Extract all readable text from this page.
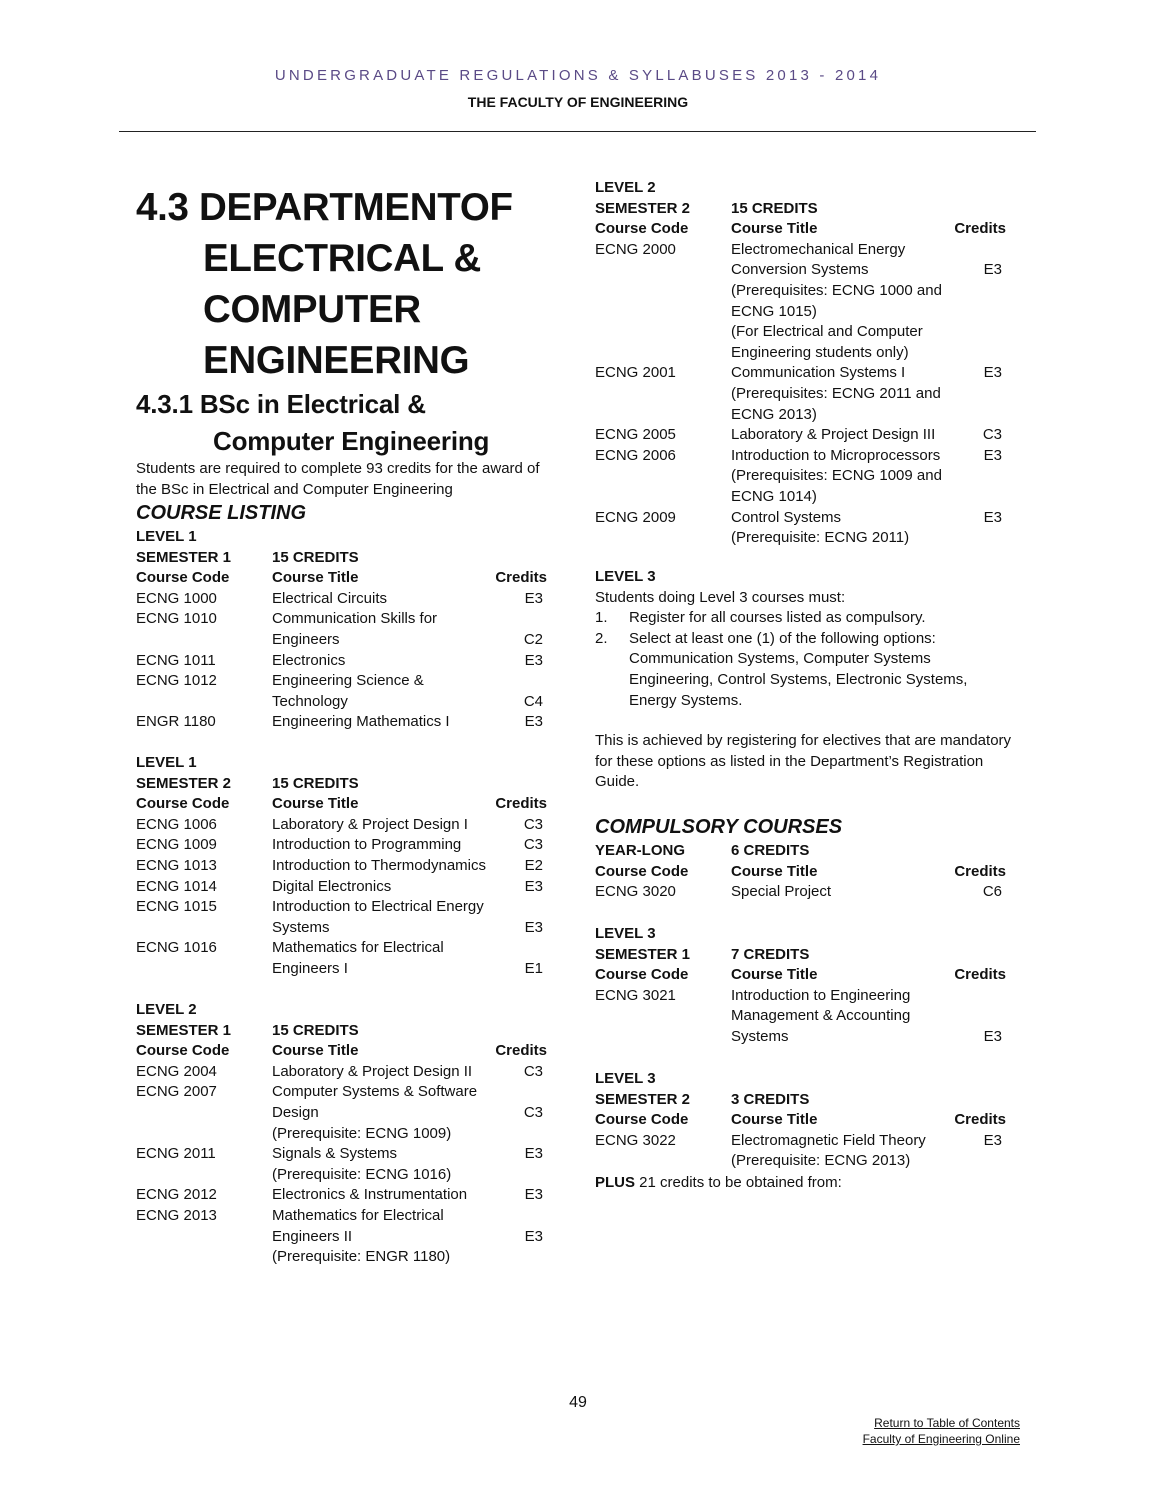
UNDERGRADUATE REGULATIONS & SYLLABUSES 2013 - 2014
THE FACULTY OF ENGINEERING
4.3 DEPARTMENTOF
ELECTRICAL &
COMPUTER
ENGINEERING
4.3.1 BSc in Electrical &
Computer Engineering
Students are required to complete 93 credits for the award of the BSc in Electrical and Computer Engineering
COURSE LISTING
LEVEL 1
SEMESTER 1	15 CREDITS
Course Code	Course Title	Credits
ECNG 1000	Electrical Circuits	E3
ECNG 1010	Communication Skills for
Engineers	C2
ECNG 1011	Electronics	E3
ECNG 1012	Engineering Science &
Technology	C4
ENGR 1180	Engineering Mathematics I	E3
LEVEL 1
SEMESTER 2	15 CREDITS
Course Code	Course Title	Credits
ECNG 1006	Laboratory & Project Design I	C3
ECNG 1009	Introduction to Programming	C3
ECNG 1013	Introduction to Thermodynamics	E2
ECNG 1014	Digital Electronics	E3
ECNG 1015	Introduction to Electrical Energy
Systems	E3
ECNG 1016	Mathematics for Electrical
Engineers I	E1
LEVEL 2
SEMESTER 1	15 CREDITS
Course Code	Course Title	Credits
ECNG 2004	Laboratory & Project Design II	C3
ECNG 2007	Computer Systems & Software
Design	C3
(Prerequisite: ECNG 1009)
ECNG 2011	Signals & Systems	E3
(Prerequisite: ECNG 1016)
ECNG 2012	Electronics & Instrumentation	E3
ECNG 2013	Mathematics for Electrical
Engineers II	E3
(Prerequisite: ENGR 1180)
LEVEL 2
SEMESTER 2	15 CREDITS
Course Code	Course Title	Credits
ECNG 2000	Electromechanical Energy
Conversion Systems	E3
(Prerequisites: ECNG 1000 and
ECNG 1015)
(For Electrical and Computer
Engineering students only)
ECNG 2001	Communication Systems I	E3
(Prerequisites: ECNG 2011 and
ECNG 2013)
ECNG 2005	Laboratory & Project Design III	C3
ECNG 2006	Introduction to Microprocessors	E3
(Prerequisites: ECNG 1009 and
ECNG 1014)
ECNG 2009	Control Systems	E3
(Prerequisite: ECNG 2011)
LEVEL 3
Students doing Level 3 courses must:
1. Register for all courses listed as compulsory.
2. Select at least one (1) of the following options: Communication Systems, Computer Systems Engineering, Control Systems, Electronic Systems, Energy Systems.
This is achieved by registering for electives that are mandatory for these options as listed in the Department’s Registration Guide.
COMPULSORY COURSES
YEAR-LONG	6 CREDITS
Course Code	Course Title	Credits
ECNG 3020	Special Project	C6
LEVEL 3
SEMESTER 1	7 CREDITS
Course Code	Course Title	Credits
ECNG 3021	Introduction to Engineering
Management & Accounting
Systems	E3
LEVEL 3
SEMESTER 2	3 CREDITS
Course Code	Course Title	Credits
ECNG 3022	Electromagnetic Field Theory	E3
(Prerequisite: ECNG 2013)
PLUS 21 credits to be obtained from:
49
Return to Table of Contents
Faculty of Engineering Online
